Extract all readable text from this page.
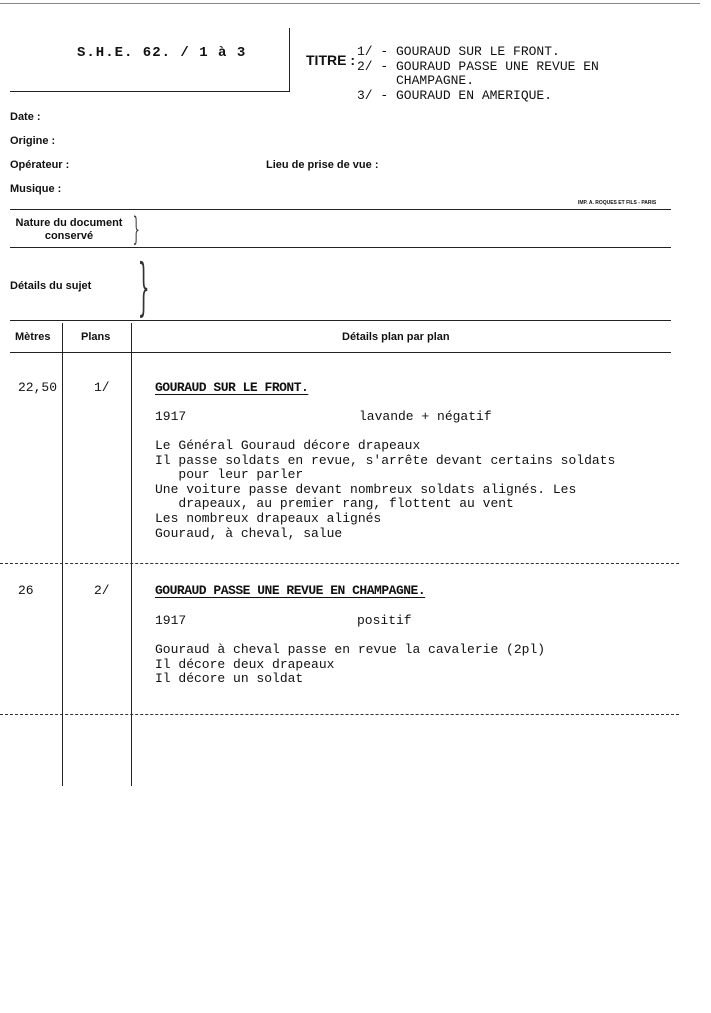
S.H.E. 62. / 1 à 3	TITRE :
1/ - GOURAUD SUR LE FRONT.
2/ - GOURAUD PASSE UNE REVUE EN
CHAMPAGNE.
3/ - GOURAUD EN AMERIQUE.
Date :
Origine :
Opérateur :	Lieu de prise de vue :
Musique :
IMP. A. ROQUES ET FILS - PARIS
Nature du document
conservé	}
Détails du sujet }
Mètres	Plans	Détails plan par plan
22,50	1/	GOURAUD SUR LE FRONT.
1917	lavande + négatif
Le Général Gouraud décore drapeaux
Il passe soldats en revue, s'arrête devant certains soldats
pour leur parler
Une voiture passe devant nombreux soldats alignés. Les
drapeaux, au premier rang, flottent au vent
Les nombreux drapeaux alignés
Gouraud, à cheval, salue
26	2/	GOURAUD PASSE UNE REVUE EN CHAMPAGNE.
1917	positif
Gouraud à cheval passe en revue la cavalerie (2pl)
Il décore deux drapeaux
Il décore un soldat
